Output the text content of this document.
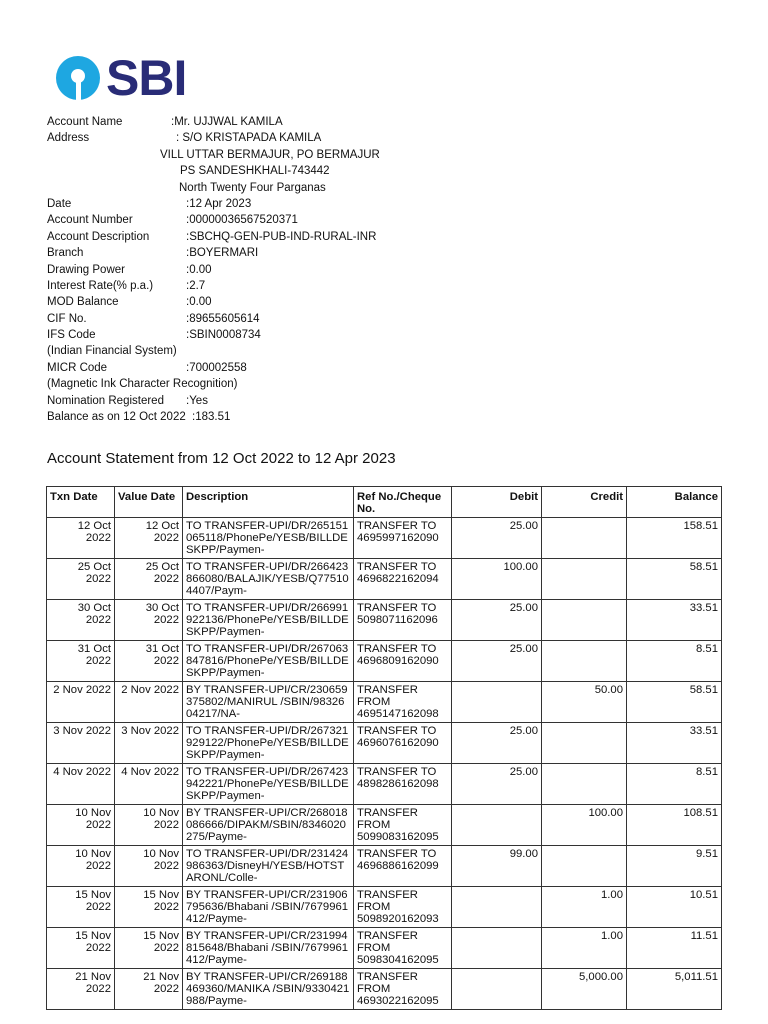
SBI
Account Name	:Mr. UJJWAL KAMILA
Address	: S/O KRISTAPADA KAMILA
VILL UTTAR BERMAJUR, PO BERMAJUR
PS SANDESHKHALI-743442
North Twenty Four Parganas
Date	:12 Apr 2023
Account Number	:00000036567520371
Account Description	:SBCHQ-GEN-PUB-IND-RURAL-INR
Branch	:BOYERMARI
Drawing Power	:0.00
Interest Rate(% p.a.)	:2.7
MOD Balance	:0.00
CIF No.	:89655605614
IFS Code	:SBIN0008734
(Indian Financial System)
MICR Code	:700002558
(Magnetic Ink Character Recognition)
Nomination Registered :Yes
Balance as on 12 Oct 2022 :183.51
Account Statement from 12 Oct 2022 to 12 Apr 2023
Txn Date	Value Date	Description	Ref No./Cheque No.	Debit	Credit	Balance

12 Oct 2022	12 Oct 2022	TO TRANSFER-UPI/DR/265151065118/PhonePe/YESB/BILLDESKPP/Paymen-	TRANSFER TO 4695997162090	25.00		158.51

25 Oct 2022	25 Oct 2022	TO TRANSFER-UPI/DR/266423866080/BALAJIK/YESB/Q775104407/Paym-	TRANSFER TO 4696822162094	100.00		58.51

30 Oct 2022	30 Oct 2022	TO TRANSFER-UPI/DR/266991922136/PhonePe/YESB/BILLDESKPP/Paymen-	TRANSFER TO 5098071162096	25.00		33.51

31 Oct 2022	31 Oct 2022	TO TRANSFER-UPI/DR/267063847816/PhonePe/YESB/BILLDESKPP/Paymen-	TRANSFER TO 4696809162090	25.00		8.51

2 Nov 2022	2 Nov 2022	BY TRANSFER-UPI/CR/230659375802/MANIRUL /SBIN/9832604217/NA-	TRANSFER FROM 4695147162098		50.00	58.51

3 Nov 2022	3 Nov 2022	TO TRANSFER-UPI/DR/267321929122/PhonePe/YESB/BILLDESKPP/Paymen-	TRANSFER TO 4696076162090	25.00		33.51

4 Nov 2022	4 Nov 2022	TO TRANSFER-UPI/DR/267423942221/PhonePe/YESB/BILLDESKPP/Paymen-	TRANSFER TO 4898286162098	25.00		8.51

10 Nov 2022	10 Nov 2022	BY TRANSFER-UPI/CR/268018086666/DIPAKM/SBIN/8346020275/Payme-	TRANSFER FROM 5099083162095		100.00	108.51

10 Nov 2022	10 Nov 2022	TO TRANSFER-UPI/DR/231424986363/DisneyH/YESB/HOTSTARONL/Colle-	TRANSFER TO 4696886162099	99.00		9.51

15 Nov 2022	15 Nov 2022	BY TRANSFER-UPI/CR/231906795636/Bhabani /SBIN/7679961412/Payme-	TRANSFER FROM 5098920162093		1.00	10.51

15 Nov 2022	15 Nov 2022	BY TRANSFER-UPI/CR/231994815648/Bhabani /SBIN/7679961412/Payme-	TRANSFER FROM 5098304162095		1.00	11.51

21 Nov 2022	21 Nov 2022	BY TRANSFER-UPI/CR/269188469360/MANIKA /SBIN/9330421988/Payme-	TRANSFER FROM 4693022162095		5,000.00	5,011.51
